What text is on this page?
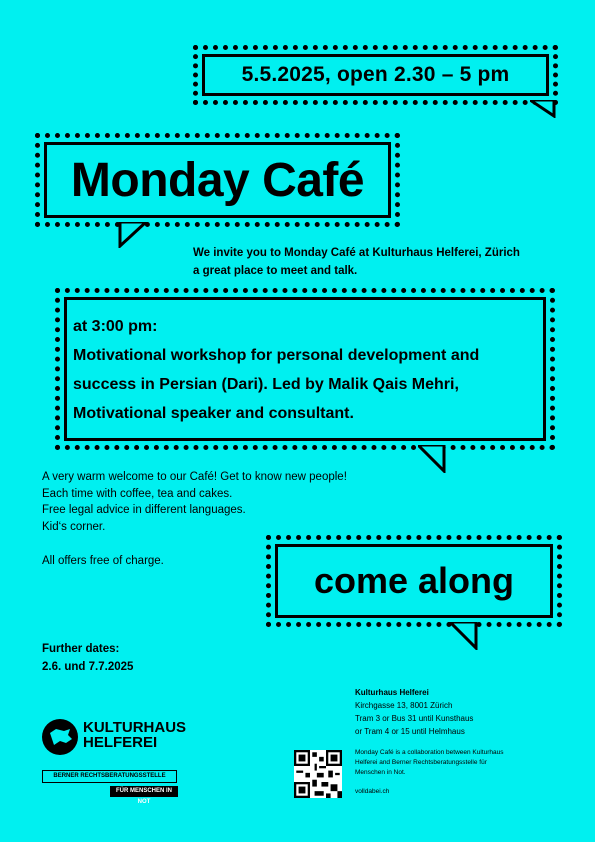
5.5.2025, open 2.30 – 5 pm
Monday Café
We invite you to Monday Café at Kulturhaus Helferei, Zürich
a great place to meet and talk.
at 3:00 pm:
Motivational workshop for personal development and
success in Persian (Dari). Led by Malik Qais Mehri,
Motivational speaker and consultant.
A very warm welcome to our Café! Get to know new people!
Each time with coffee, tea and cakes.
Free legal advice in different languages.
Kid‘s corner.
All offers free of charge.	come along
Further dates:
2.6. und 7.7.2025
Kulturhaus Helferei
Kirchgasse 13, 8001 Zürich
Tram 3 or Bus 31 until Kunsthaus
or Tram 4 or 15 until Helmhaus
Monday Café is a collaboration between Kulturhaus
Helferei and Berner Rechtsberatungsstelle für
Menschen in Not.
volldabei.ch
KULTURHAUS
HELFEREI
BERNER RECHTSBERATUNGSSTELLE
FÜR MENSCHEN IN NOT
